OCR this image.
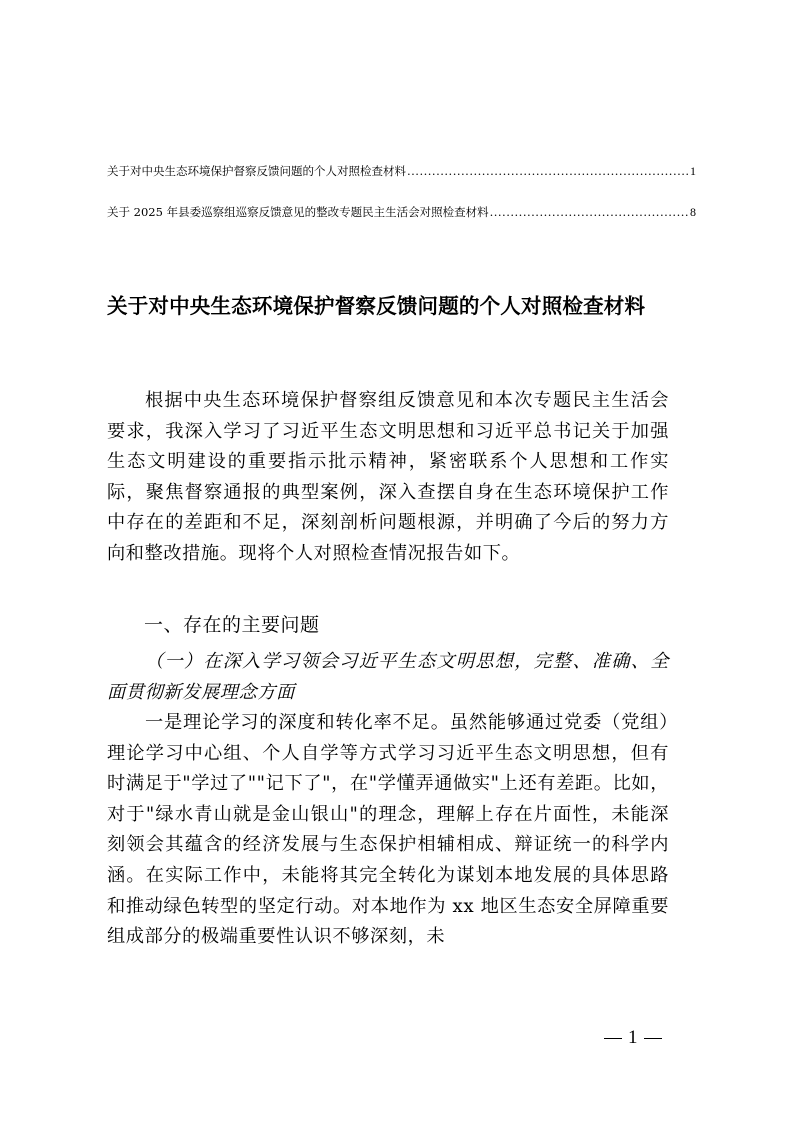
关于对中央生态环境保护督察反馈问题的个人对照检查材料 .....	1
关于 2025 年县委巡察组巡察反馈意见的整改专题民主生活会对照检查材料 .....	8
关于对中央生态环境保护督察反馈问题的个人对照检查材料

根据中央生态环境保护督察组反馈意见和本次专题民主生活会要求，我深入学习了习近平生态文明思想和习近平总书记关于加强生态文明建设的重要指示批示精神，紧密联系个人思想和工作实际，聚焦督察通报的典型案例，深入查摆自身在生态环境保护工作中存在的差距和不足，深刻剖析问题根源，并明确了今后的努力方向和整改措施。现将个人对照检查情况报告如下。

一、存在的主要问题

（一）在深入学习领会习近平生态文明思想，完整、准确、全面贯彻新发展理念方面

一是理论学习的深度和转化率不足。虽然能够通过党委（党组）理论学习中心组、个人自学等方式学习习近平生态文明思想，但有时满足于"学过了""记下了"，在"学懂弄通做实"上还有差距。比如，对于"绿水青山就是金山银山"的理念，理解上存在片面性，未能深刻领会其蕴含的经济发展与生态保护相辅相成、辩证统一的科学内涵。在实际工作中，未能将其完全转化为谋划本地发展的具体思路和推动绿色转型的坚定行动。对本地作为 xx 地区生态安全屏障重要组成部分的极端重要性认识不够深刻，未

1
